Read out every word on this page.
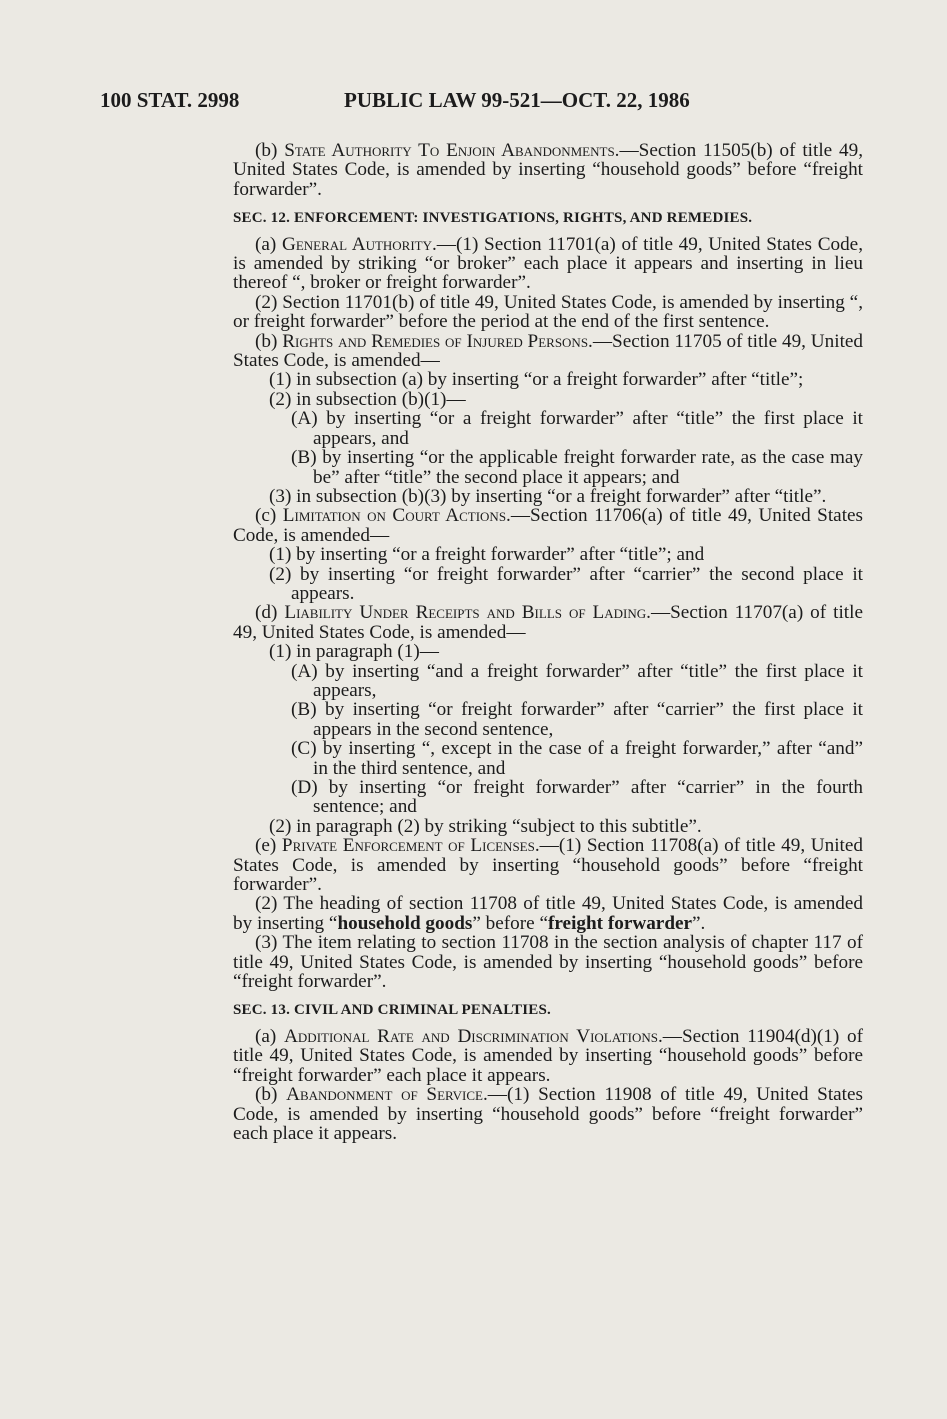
100 STAT. 2998	PUBLIC LAW 99-521—OCT. 22, 1986

(b) State Authority To Enjoin Abandonments.—Section 11505(b) of title 49, United States Code, is amended by inserting “household goods” before “freight forwarder”.

SEC. 12. ENFORCEMENT: INVESTIGATIONS, RIGHTS, AND REMEDIES.

(a) General Authority.—(1) Section 11701(a) of title 49, United States Code, is amended by striking “or broker” each place it appears and inserting in lieu thereof “, broker or freight forwarder”.

(2) Section 11701(b) of title 49, United States Code, is amended by inserting “, or freight forwarder” before the period at the end of the first sentence.

(b) Rights and Remedies of Injured Persons.—Section 11705 of title 49, United States Code, is amended—

(1) in subsection (a) by inserting “or a freight forwarder” after “title”;

(2) in subsection (b)(1)—

(A) by inserting “or a freight forwarder” after “title” the first place it appears, and

(B) by inserting “or the applicable freight forwarder rate, as the case may be” after “title” the second place it appears; and

(3) in subsection (b)(3) by inserting “or a freight forwarder” after “title”.

(c) Limitation on Court Actions.—Section 11706(a) of title 49, United States Code, is amended—

(1) by inserting “or a freight forwarder” after “title”; and

(2) by inserting “or freight forwarder” after “carrier” the second place it appears.

(d) Liability Under Receipts and Bills of Lading.—Section 11707(a) of title 49, United States Code, is amended—

(1) in paragraph (1)—

(A) by inserting “and a freight forwarder” after “title” the first place it appears,

(B) by inserting “or freight forwarder” after “carrier” the first place it appears in the second sentence,

(C) by inserting “, except in the case of a freight forwarder,” after “and” in the third sentence, and

(D) by inserting “or freight forwarder” after “carrier” in the fourth sentence; and

(2) in paragraph (2) by striking “subject to this subtitle”.

(e) Private Enforcement of Licenses.—(1) Section 11708(a) of title 49, United States Code, is amended by inserting “household goods” before “freight forwarder”.

(2) The heading of section 11708 of title 49, United States Code, is amended by inserting “household goods” before “freight forwarder”.

(3) The item relating to section 11708 in the section analysis of chapter 117 of title 49, United States Code, is amended by inserting “household goods” before “freight forwarder”.

SEC. 13. CIVIL AND CRIMINAL PENALTIES.

(a) Additional Rate and Discrimination Violations.—Section 11904(d)(1) of title 49, United States Code, is amended by inserting “household goods” before “freight forwarder” each place it appears.

(b) Abandonment of Service.—(1) Section 11908 of title 49, United States Code, is amended by inserting “household goods” before “freight forwarder” each place it appears.
